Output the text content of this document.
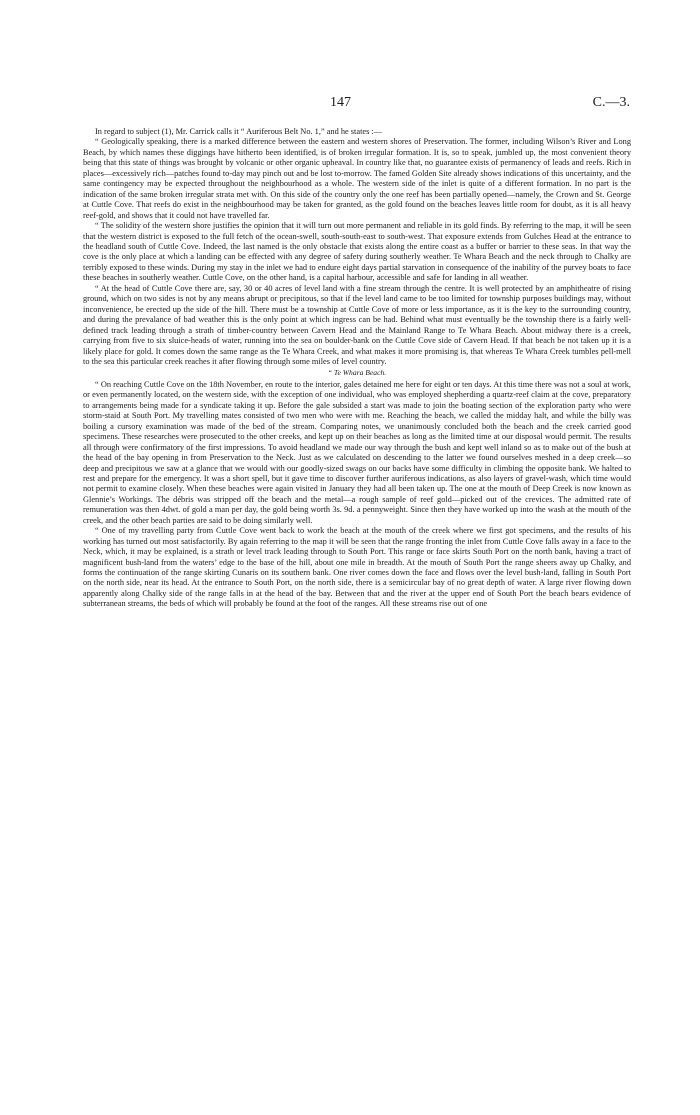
147	C.—3.

In regard to subject (1), Mr. Carrick calls it “ Auriferous Belt No. 1,” and he states :—

“ Geologically speaking, there is a marked difference between the eastern and western shores of Preservation. The former, including Wilson’s River and Long Beach, by which names these diggings have hitherto been identified, is of broken irregular formation. It is, so to speak, jumbled up, the most convenient theory being that this state of things was brought by volcanic or other organic upheaval. In country like that, no guarantee exists of permanency of leads and reefs. Rich in places—excessively rich—patches found to-day may pinch out and be lost to-morrow. The famed Golden Site already shows indications of this uncertainty, and the same contingency may be expected throughout the neighbourhood as a whole. The western side of the inlet is quite of a different formation. In no part is the indication of the same broken irregular strata met with. On this side of the country only the one reef has been partially opened—namely, the Crown and St. George at Cuttle Cove. That reefs do exist in the neighbourhood may be taken for granted, as the gold found on the beaches leaves little room for doubt, as it is all heavy reef-gold, and shows that it could not have travelled far.

“ The solidity of the western shore justifies the opinion that it will turn out more permanent and reliable in its gold finds. By referring to the map, it will be seen that the western district is exposed to the full fetch of the ocean-swell, south-south-east to south-west. That exposure extends from Gulches Head at the entrance to the headland south of Cuttle Cove. Indeed, the last named is the only obstacle that exists along the entire coast as a buffer or barrier to these seas. In that way the cove is the only place at which a landing can be effected with any degree of safety during southerly weather. Te Whara Beach and the neck through to Chalky are terribly exposed to these winds. During my stay in the inlet we had to endure eight days partial starvation in consequence of the inability of the purvey boats to face these beaches in southerly weather. Cuttle Cove, on the other hand, is a capital harbour, accessible and safe for landing in all weather.

“ At the head of Cuttle Cove there are, say, 30 or 40 acres of level land with a fine stream through the centre. It is well protected by an amphitheatre of rising ground, which on two sides is not by any means abrupt or precipitous, so that if the level land came to be too limited for township purposes buildings may, without inconvenience, be erected up the side of the hill. There must be a township at Cuttle Cove of more or less importance, as it is the key to the surrounding country, and during the prevalance of bad weather this is the only point at which ingress can be had. Behind what must eventually be the township there is a fairly well-defined track leading through a strath of timber-country between Cavern Head and the Mainland Range to Te Whara Beach. About midway there is a creek, carrying from five to six sluice-heads of water, running into the sea on boulder-bank on the Cuttle Cove side of Cavern Head. If that beach be not taken up it is a likely place for gold. It comes down the same range as the Te Whara Creek, and what makes it more promising is, that whereas Te Whara Creek tumbles pell-mell to the sea this particular creek reaches it after flowing through some miles of level country.

“ Te Whara Beach.

“ On reaching Cuttle Cove on the 18th November, en route to the interior, gales detained me here for eight or ten days. At this time there was not a soul at work, or even permanently located, on the western side, with the exception of one individual, who was employed shepherding a quartz-reef claim at the cove, preparatory to arrangements being made for a syndicate taking it up. Before the gale subsided a start was made to join the boating section of the exploration party who were storm-staid at South Port. My travelling mates consisted of two men who were with me. Reaching the beach, we called the midday halt, and while the billy was boiling a cursory examination was made of the bed of the stream. Comparing notes, we unanimously concluded both the beach and the creek carried good specimens. These researches were prosecuted to the other creeks, and kept up on their beaches as long as the limited time at our disposal would permit. The results all through were confirmatory of the first impressions. To avoid headland we made our way through the bush and kept well inland so as to make out of the bush at the head of the bay opening in from Preservation to the Neck. Just as we calculated on descending to the latter we found ourselves meshed in a deep creek—so deep and precipitous we saw at a glance that we would with our goodly-sized swags on our backs have some difficulty in climbing the opposite bank. We halted to rest and prepare for the emergency. It was a short spell, but it gave time to discover further auriferous indications, as also layers of gravel-wash, which time would not permit to examine closely. When these beaches were again visited in January they had all been taken up. The one at the mouth of Deep Creek is now known as Glennie’s Workings. The débris was stripped off the beach and the metal—a rough sample of reef gold—picked out of the crevices. The admitted rate of remuneration was then 4dwt. of gold a man per day, the gold being worth 3s. 9d. a pennyweight. Since then they have worked up into the wash at the mouth of the creek, and the other beach parties are said to be doing similarly well.

“ One of my travelling party from Cuttle Cove went back to work the beach at the mouth of the creek where we first got specimens, and the results of his working has turned out most satisfactorily. By again referring to the map it will be seen that the range fronting the inlet from Cuttle Cove falls away in a face to the Neck, which, it may be explained, is a strath or level track leading through to South Port. This range or face skirts South Port on the north bank, having a tract of magnificent bush-land from the waters’ edge to the base of the hill, about one mile in breadth. At the mouth of South Port the range sheers away up Chalky, and forms the continuation of the range skirting Cunaris on its southern bank. One river comes down the face and flows over the level bush-land, falling in South Port on the north side, near its head. At the entrance to South Port, on the north side, there is a semicircular bay of no great depth of water. A large river flowing down apparently along Chalky side of the range falls in at the head of the bay. Between that and the river at the upper end of South Port the beach bears evidence of subterranean streams, the beds of which will probably be found at the foot of the ranges. All these streams rise out of one
